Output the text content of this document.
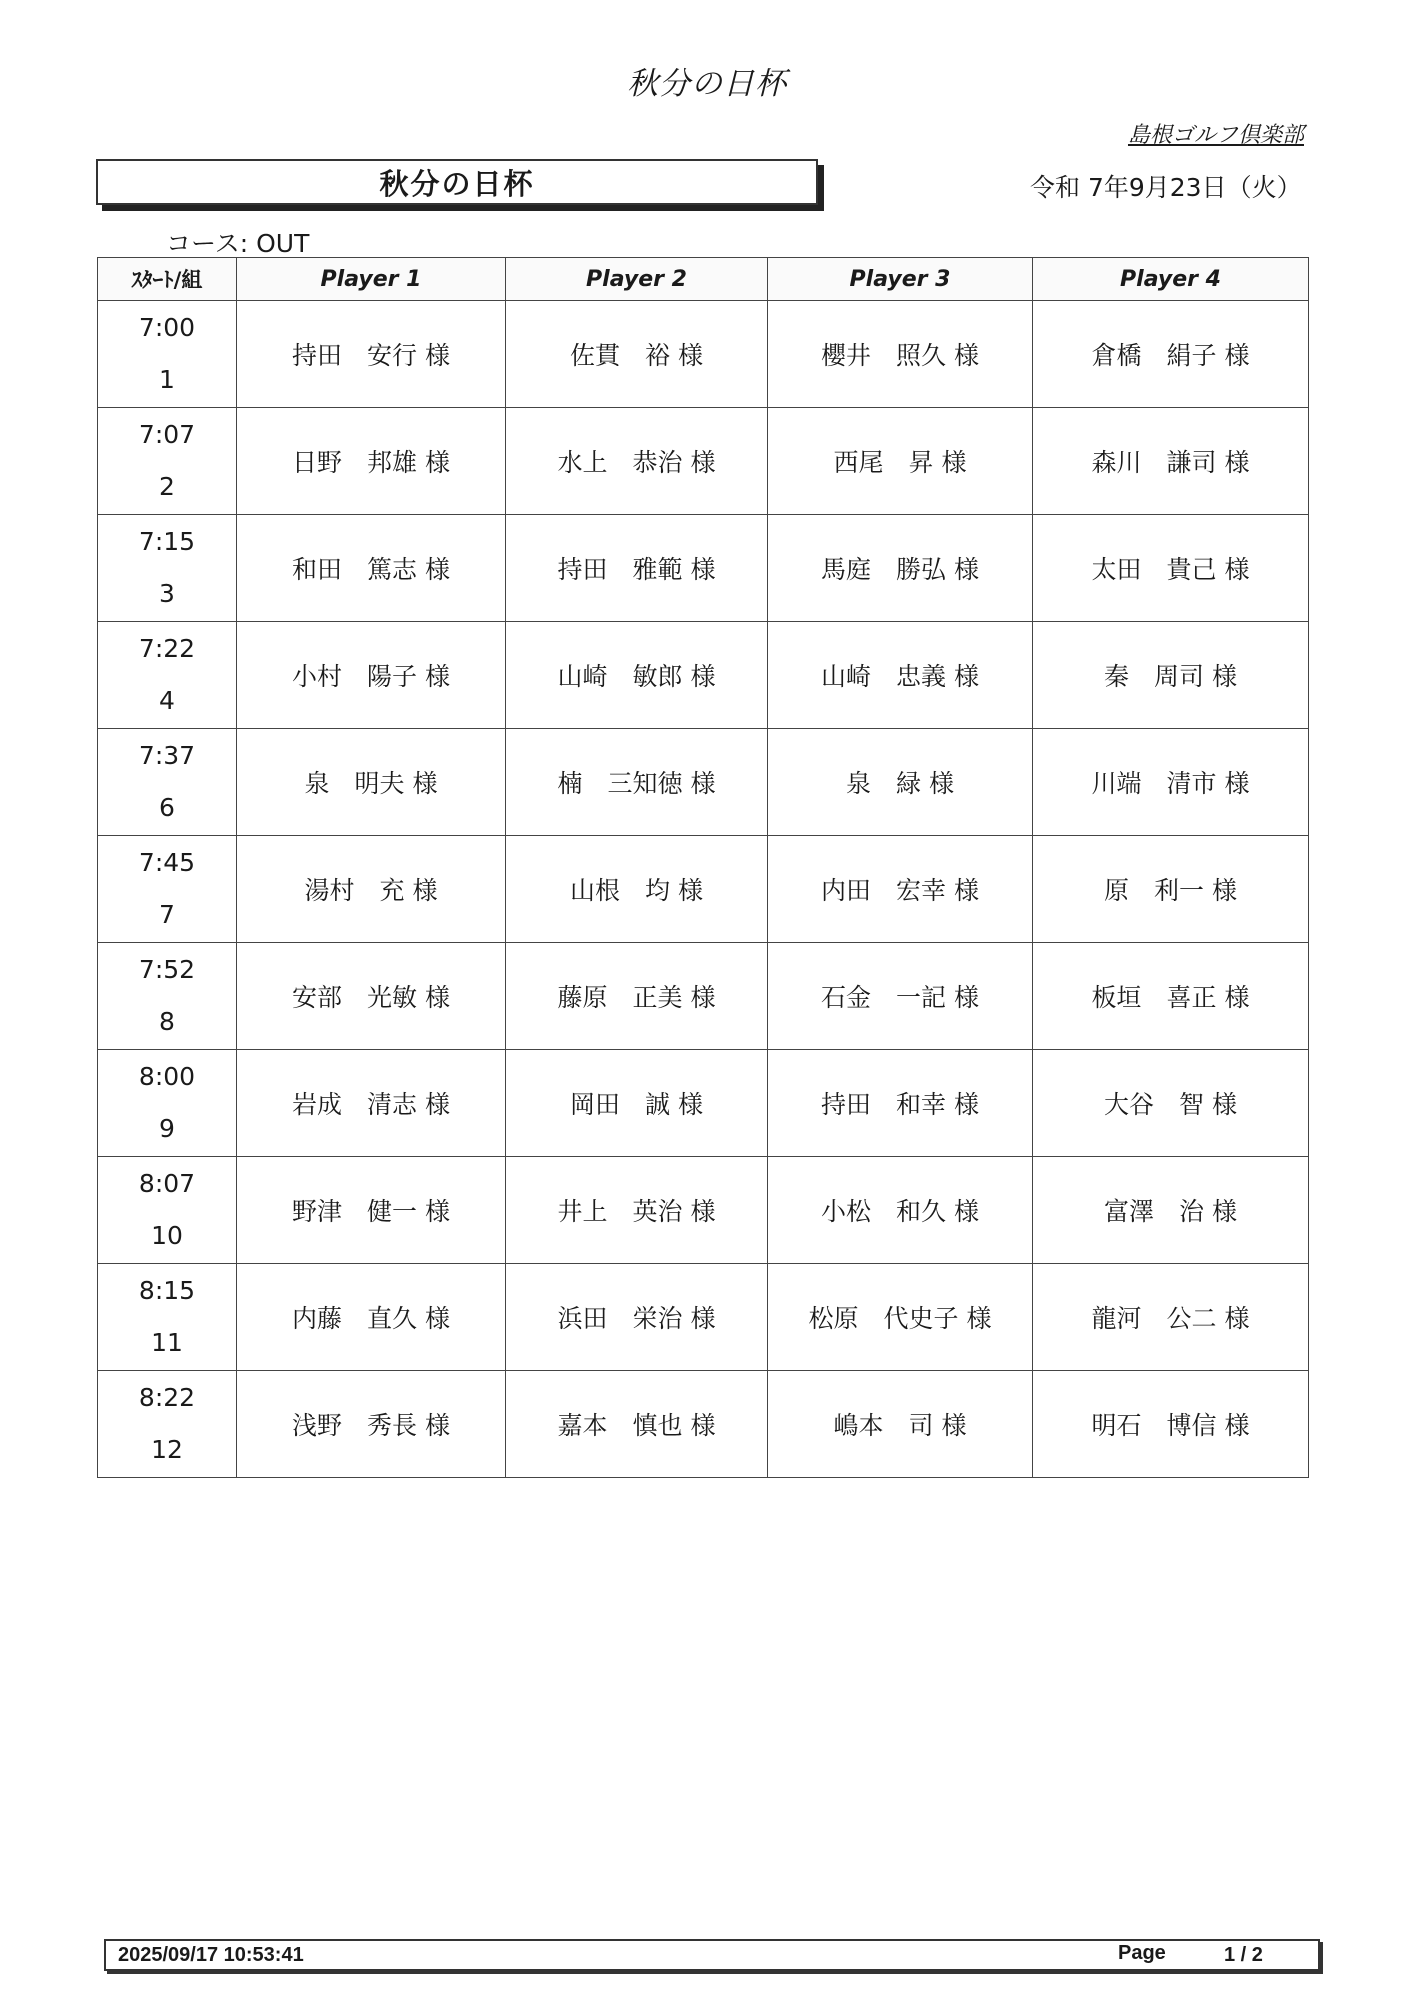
秋分の日杯
島根ゴルフ倶楽部
秋分の日杯	令和 7年9月23日（火）
コース: OUT
ｽﾀｰﾄ/組	Player 1	Player 2	Player 3	Player 4

7:00
1	持田　安行 様	佐貫　裕 様	櫻井　照久 様	倉橋　絹子 様

7:07
2	日野　邦雄 様	水上　恭治 様	西尾　昇 様	森川　謙司 様

7:15
3	和田　篤志 様	持田　雅範 様	馬庭　勝弘 様	太田　貴己 様

7:22
4	小村　陽子 様	山崎　敏郎 様	山崎　忠義 様	秦　周司 様

7:37
6	泉　明夫 様	楠　三知徳 様	泉　緑 様	川端　清市 様

7:45
7	湯村　充 様	山根　均 様	内田　宏幸 様	原　利一 様

7:52
8	安部　光敏 様	藤原　正美 様	石金　一記 様	板垣　喜正 様

8:00
9	岩成　清志 様	岡田　誠 様	持田　和幸 様	大谷　智 様

8:07
10	野津　健一 様	井上　英治 様	小松　和久 様	富澤　治 様

8:15
11	内藤　直久 様	浜田　栄治 様	松原　代史子 様	龍河　公二 様

8:22
12	浅野　秀長 様	嘉本　慎也 様	嶋本　司 様	明石　博信 様
2025/09/17 10:53:41	Page	1 / 2
